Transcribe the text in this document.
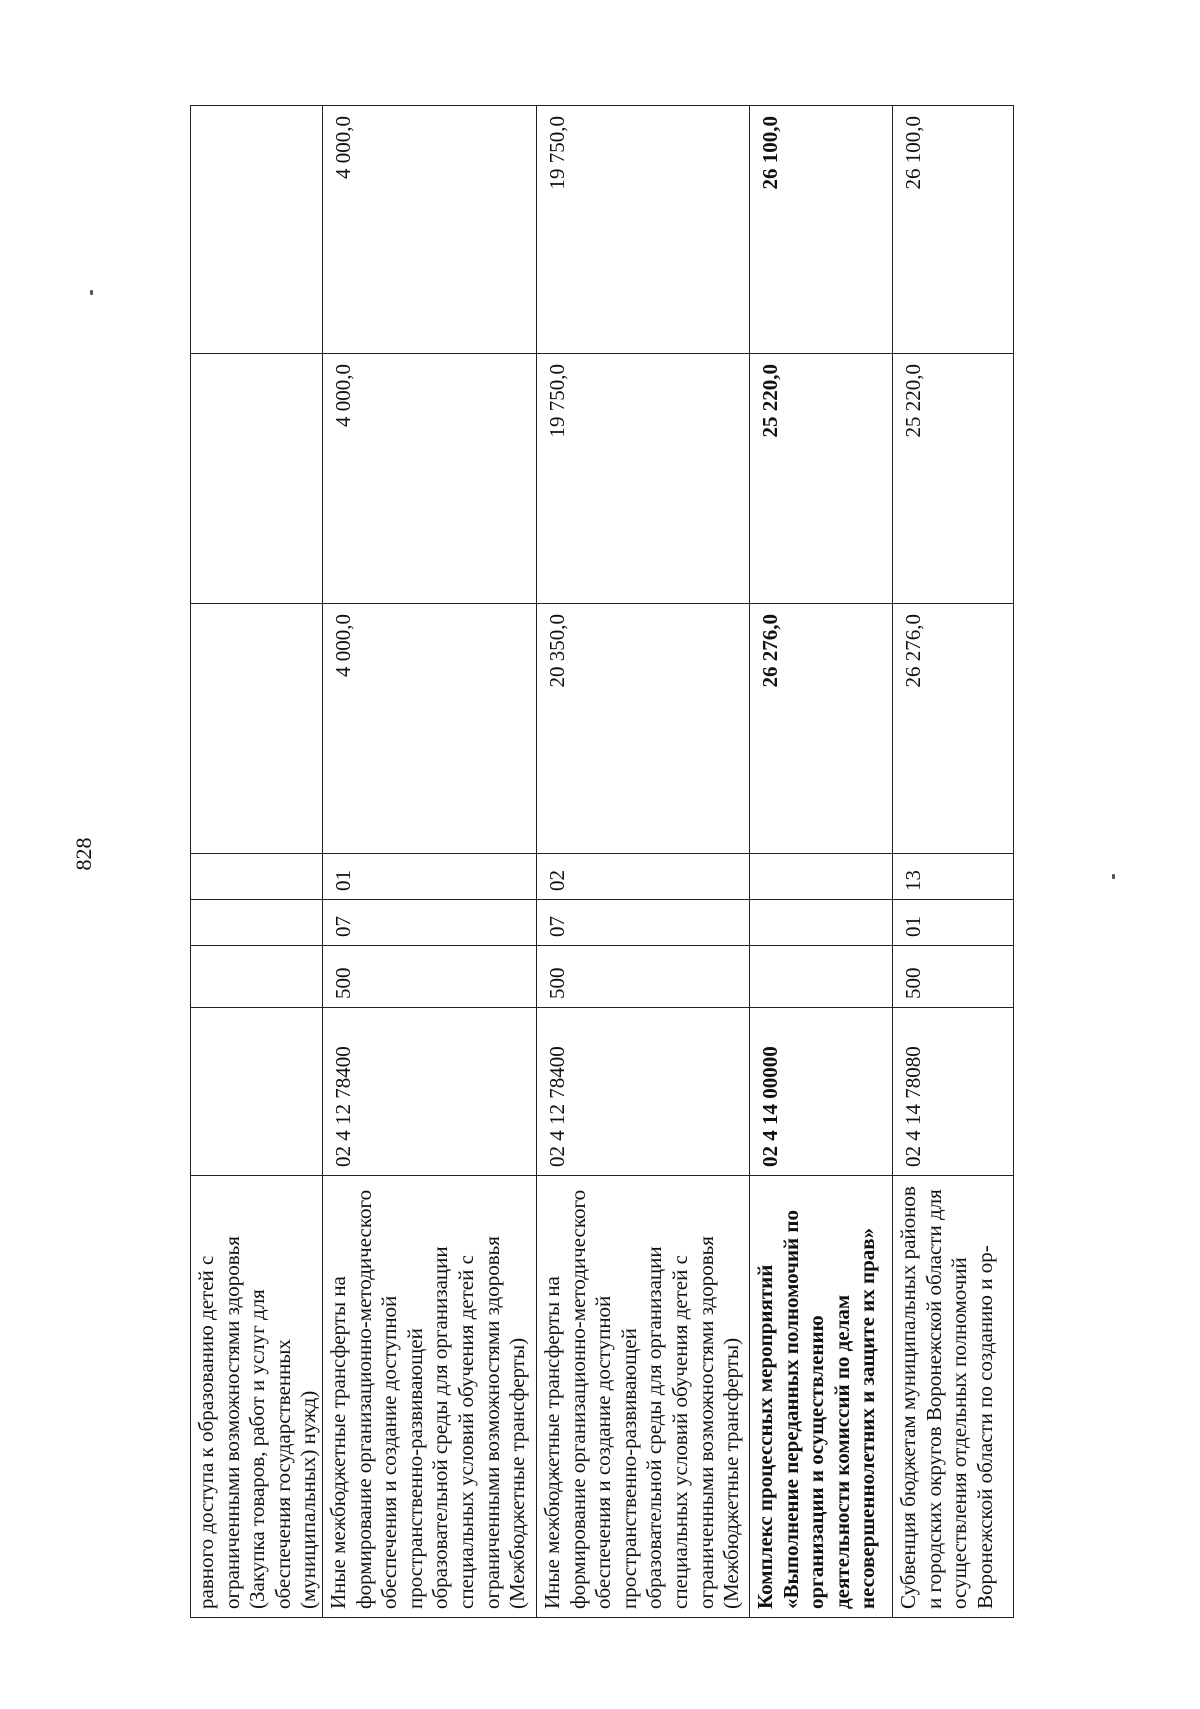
828
равного доступа к образованию детей с ограниченными возможностями здоровья (Закупка товаров, работ и услуг для обеспечения государственных (муниципальных) нужд)							
Иные межбюджетные трансферты на формирование организационно-методического обеспечения и создание доступной пространственно-развивающей образовательной среды для организации специальных условий обучения детей с ограниченными возможностями здоровья (Межбюджетные трансферты)	02 4 12 78400	500	07	01	4 000,0	4 000,0	4 000,0
Иные межбюджетные трансферты на формирование организационно-методического обеспечения и создание доступной пространственно-развивающей образовательной среды для организации специальных условий обучения детей с ограниченными возможностями здоровья (Межбюджетные трансферты)	02 4 12 78400	500	07	02	20 350,0	19 750,0	19 750,0
Комплекс процессных мероприятий «Выполнение переданных полномочий по организации и осуществлению деятельности комиссий по делам несовершеннолетних и защите их прав»	02 4 14 00000				26 276,0	25 220,0	26 100,0
Субвенция бюджетам муниципальных районов и городских округов Воронежской области для осуществления отдельных полномочий Воронежской области по созданию и ор-	02 4 14 78080	500	01	13	26 276,0	25 220,0	26 100,0
